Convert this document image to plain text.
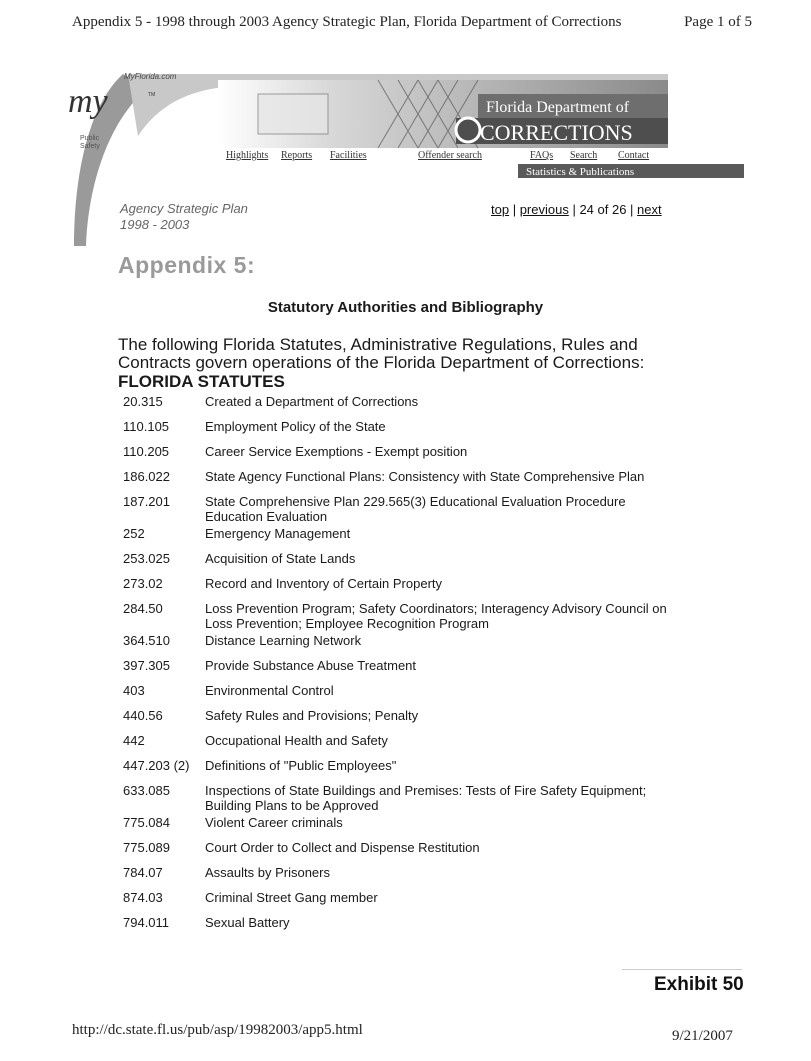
Appendix 5 - 1998 through 2003 Agency Strategic Plan, Florida Department of Corrections	Page 1 of 5
Florida Department of
CORRECTIONS
MyFlorida.com
my	TM
Public
Safety
Highlights Reports Facilities	Offender search	FAQs Search Contact
Statistics & Publications
Agency Strategic Plan
1998 - 2003
top | previous | 24 of 26 | next
Appendix 5:
Statutory Authorities and Bibliography
The following Florida Statutes, Administrative Regulations, Rules and Contracts govern operations of the Florida Department of Corrections:
FLORIDA STATUTES
20.315	Created a Department of Corrections
110.105	Employment Policy of the State
110.205	Career Service Exemptions - Exempt position
186.022	State Agency Functional Plans: Consistency with State Comprehensive Plan
187.201	State Comprehensive Plan 229.565(3) Educational Evaluation Procedure Education Evaluation
252	Emergency Management
253.025	Acquisition of State Lands
273.02	Record and Inventory of Certain Property
284.50	Loss Prevention Program; Safety Coordinators; Interagency Advisory Council on Loss Prevention; Employee Recognition Program
364.510	Distance Learning Network
397.305	Provide Substance Abuse Treatment
403	Environmental Control
440.56	Safety Rules and Provisions; Penalty
442	Occupational Health and Safety
447.203 (2)	Definitions of "Public Employees"
633.085	Inspections of State Buildings and Premises: Tests of Fire Safety Equipment; Building Plans to be Approved
775.084	Violent Career criminals
775.089	Court Order to Collect and Dispense Restitution
784.07	Assaults by Prisoners
874.03	Criminal Street Gang member
794.011	Sexual Battery
Exhibit 50
http://dc.state.fl.us/pub/asp/19982003/app5.html	9/21/2007
